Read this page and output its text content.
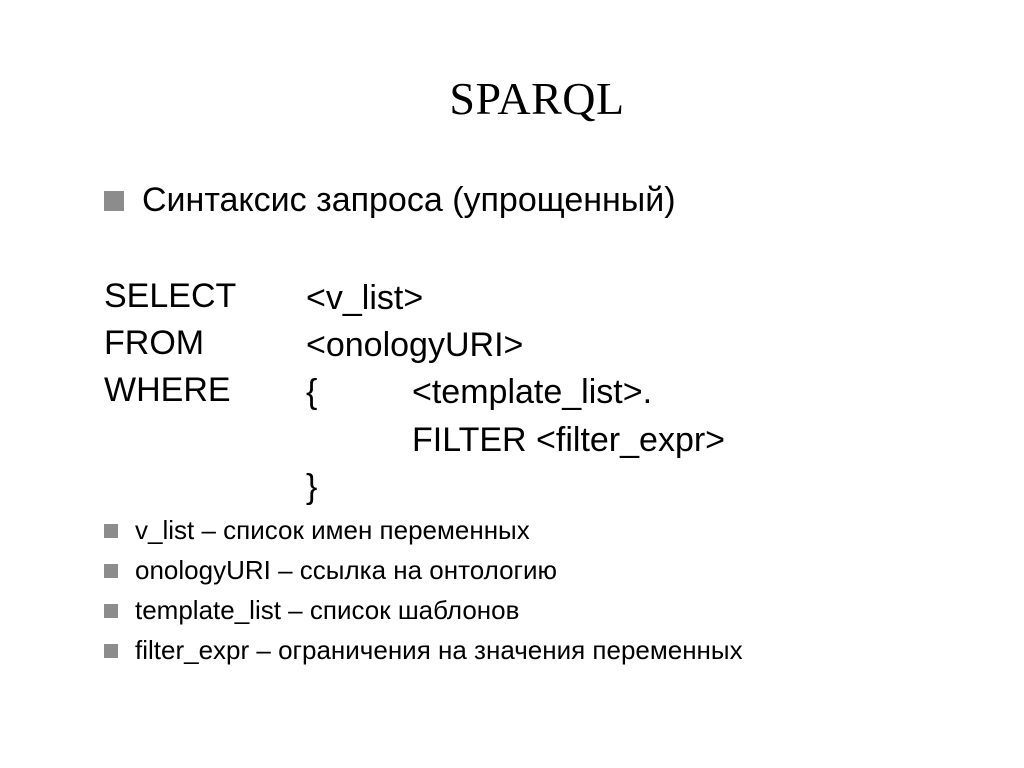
SPARQL
Синтаксис запроса (упрощенный)
SELECT <v_list>
FROM	<onologyURI>
WHERE {	<template_list>.
FILTER <filter_expr>
}
v_list – список имен переменных
onologyURI – ссылка на онтологию
template_list – список шаблонов
filter_expr – ограничения на значения переменных
